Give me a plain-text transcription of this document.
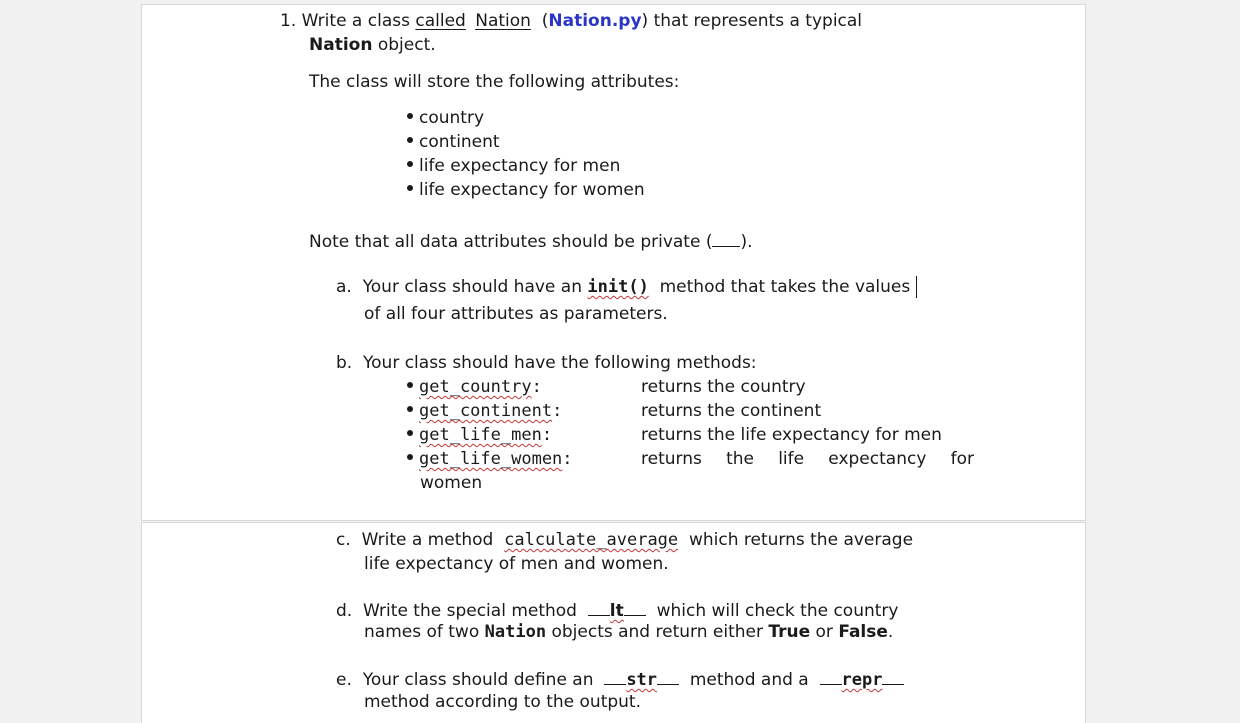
1. Write a class called Nation  (Nation.py) that represents a typical
Nation object.
The class will store the following attributes:
country
continent
life expectancy for men
life expectancy for women
Note that all data attributes should be private ( ).
a. Your class should have an init() method that takes the values
of all four attributes as parameters.
b. Your class should have the following methods:
get_country:	returns the country
get_continent:	returns the continent
get_life_men:	returns the life expectancy for men
get_life_women:	returns the life expectancy for
women
c. Write a method calculate_average which returns the average
life expectancy of men and women.
d. Write the special method lt which will check the country
names of two Nation objects and return either True or False.
e. Your class should define an str method and a repr
method according to the output.
